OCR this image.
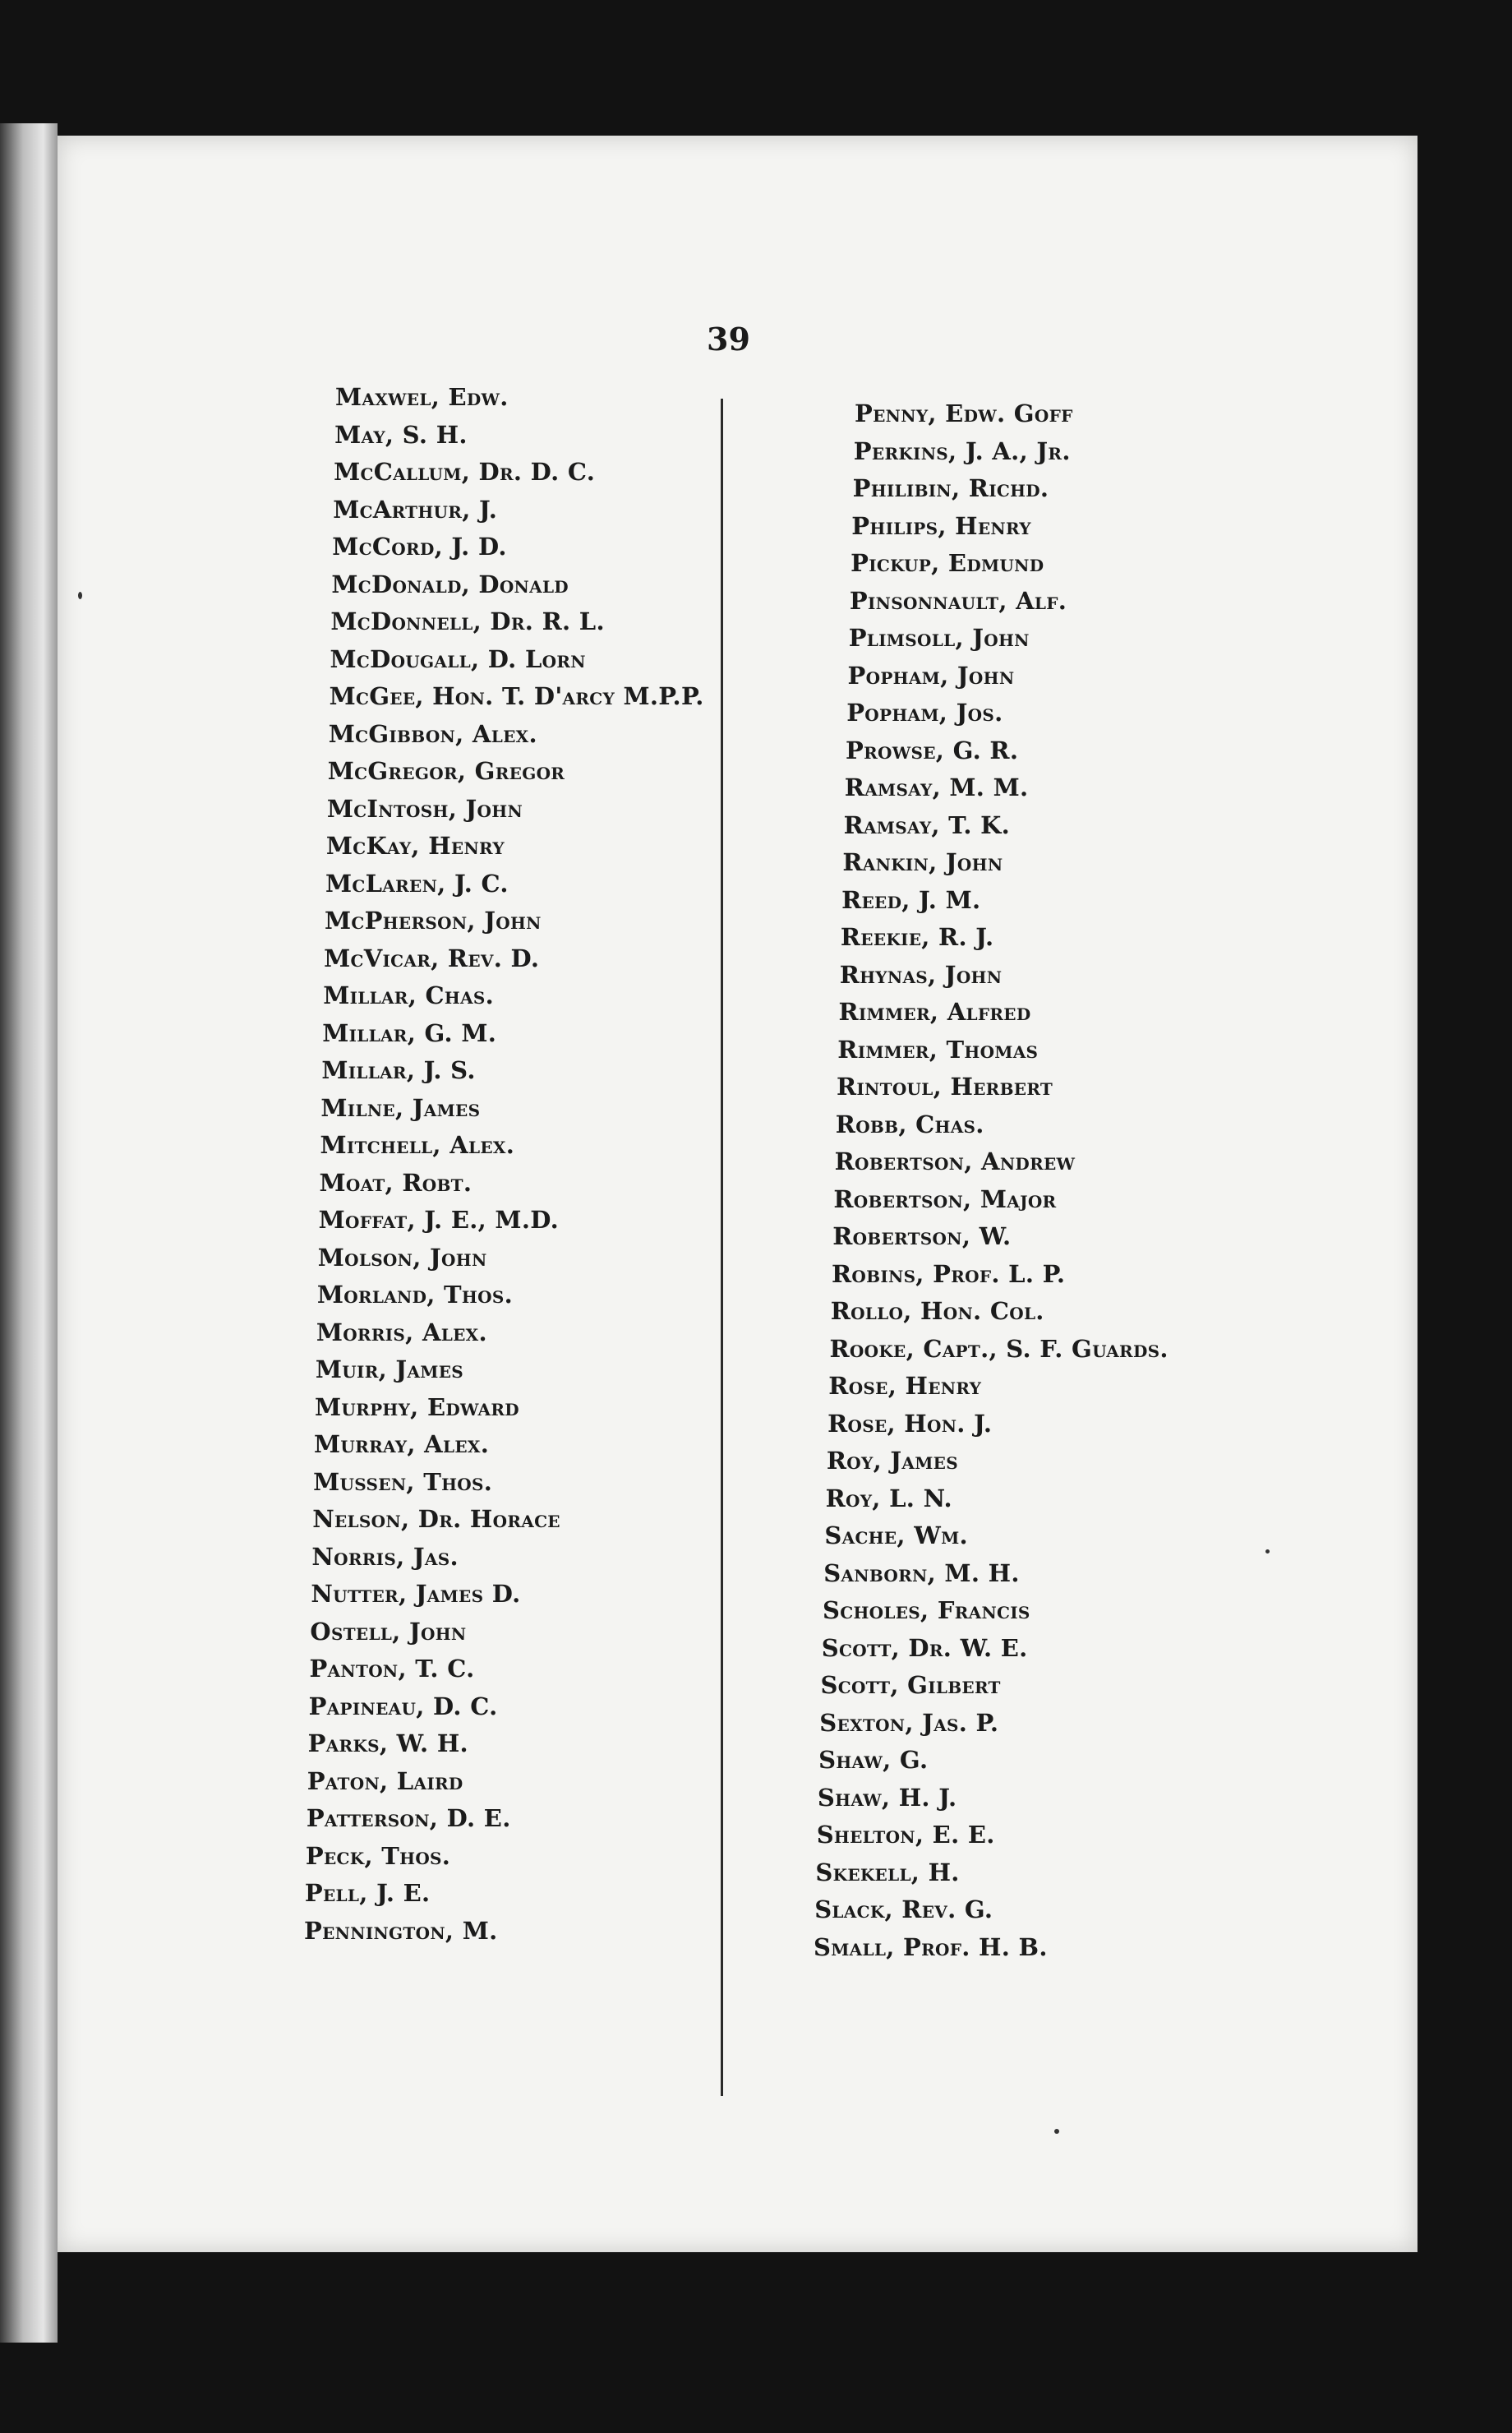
39
Maxwel, Edw.
May, S. H.
McCallum, Dr. D. C.
McArthur, J.
McCord, J. D.
McDonald, Donald
McDonnell, Dr. R. L.
McDougall, D. Lorn
McGee, Hon. T. D'arcy M.P.P.
McGibbon, Alex.
McGregor, Gregor
McIntosh, John
McKay, Henry
McLaren, J. C.
McPherson, John
McVicar, Rev. D.
Millar, Chas.
Millar, G. M.
Millar, J. S.
Milne, James
Mitchell, Alex.
Moat, Robt.
Moffat, J. E., M.D.
Molson, John
Morland, Thos.
Morris, Alex.
Muir, James
Murphy, Edward
Murray, Alex.
Mussen, Thos.
Nelson, Dr. Horace
Norris, Jas.
Nutter, James D.
Ostell, John
Panton, T. C.
Papineau, D. C.
Parks, W. H.
Paton, Laird
Patterson, D. E.
Peck, Thos.
Pell, J. E.
Pennington, M.
Penny, Edw. Goff
Perkins, J. A., Jr.
Philibin, Richd.
Philips, Henry
Pickup, Edmund
Pinsonnault, Alf.
Plimsoll, John
Popham, John
Popham, Jos.
Prowse, G. R.
Ramsay, M. M.
Ramsay, T. K.
Rankin, John
Reed, J. M.
Reekie, R. J.
Rhynas, John
Rimmer, Alfred
Rimmer, Thomas
Rintoul, Herbert
Robb, Chas.
Robertson, Andrew
Robertson, Major
Robertson, W.
Robins, Prof. L. P.
Rollo, Hon. Col.
Rooke, Capt., S. F. Guards.
Rose, Henry
Rose, Hon. J.
Roy, James
Roy, L. N.
Sache, Wm.
Sanborn, M. H.
Scholes, Francis
Scott, Dr. W. E.
Scott, Gilbert
Sexton, Jas. P.
Shaw, G.
Shaw, H. J.
Shelton, E. E.
Skekell, H.
Slack, Rev. G.
Small, Prof. H. B.
